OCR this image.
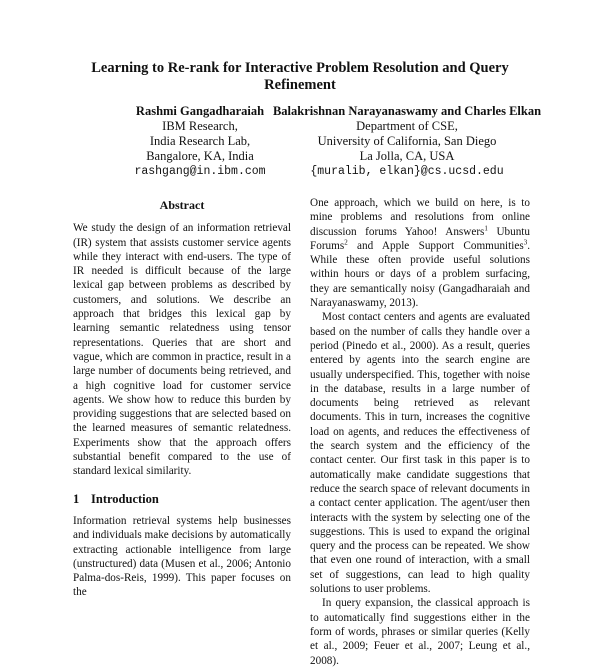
Learning to Re-rank for Interactive Problem Resolution and Query
Refinement
Rashmi Gangadharaiah
IBM Research,
India Research Lab,
Bangalore, KA, India
rashgang@in.ibm.com
Balakrishnan Narayanaswamy and Charles Elkan
Department of CSE,
University of California, San Diego
La Jolla, CA, USA
{muralib, elkan}@cs.ucsd.edu
Abstract

We study the design of an information retrieval (IR) system that assists customer service agents while they interact with end-users. The type of IR needed is difficult because of the large lexical gap between problems as described by customers, and solutions. We describe an approach that bridges this lexical gap by learning semantic relatedness using tensor representations. Queries that are short and vague, which are common in practice, result in a large number of documents being retrieved, and a high cognitive load for customer service agents. We show how to reduce this burden by providing suggestions that are selected based on the learned measures of semantic relatedness. Experiments show that the approach offers substantial benefit compared to the use of standard lexical similarity.

1 Introduction

Information retrieval systems help businesses and individuals make decisions by automatically extracting actionable intelligence from large (unstructured) data (Musen et al., 2006; Antonio Palma-dos-Reis, 1999). This paper focuses on the

One approach, which we build on here, is to mine problems and resolutions from online discussion forums Yahoo! Answers$^1$ Ubuntu Forums$^2$ and Apple Support Communities$^3$. While these often provide useful solutions within hours or days of a problem surfacing, they are semantically noisy (Gangadharaiah and Narayanaswamy, 2013).

Most contact centers and agents are evaluated based on the number of calls they handle over a period (Pinedo et al., 2000). As a result, queries entered by agents into the search engine are usually underspecified. This, together with noise in the database, results in a large number of documents being retrieved as relevant documents. This in turn, increases the cognitive load on agents, and reduces the effectiveness of the search system and the efficiency of the contact center. Our first task in this paper is to automatically make candidate suggestions that reduce the search space of relevant documents in a contact center application. The agent/user then interacts with the system by selecting one of the suggestions. This is used to expand the original query and the process can be repeated. We show that even one round of interaction, with a small set of suggestions, can lead to high quality solutions to user problems.

In query expansion, the classical approach is to automatically find suggestions either in the form of words, phrases or similar queries (Kelly et al., 2009; Feuer et al., 2007; Leung et al., 2008).
